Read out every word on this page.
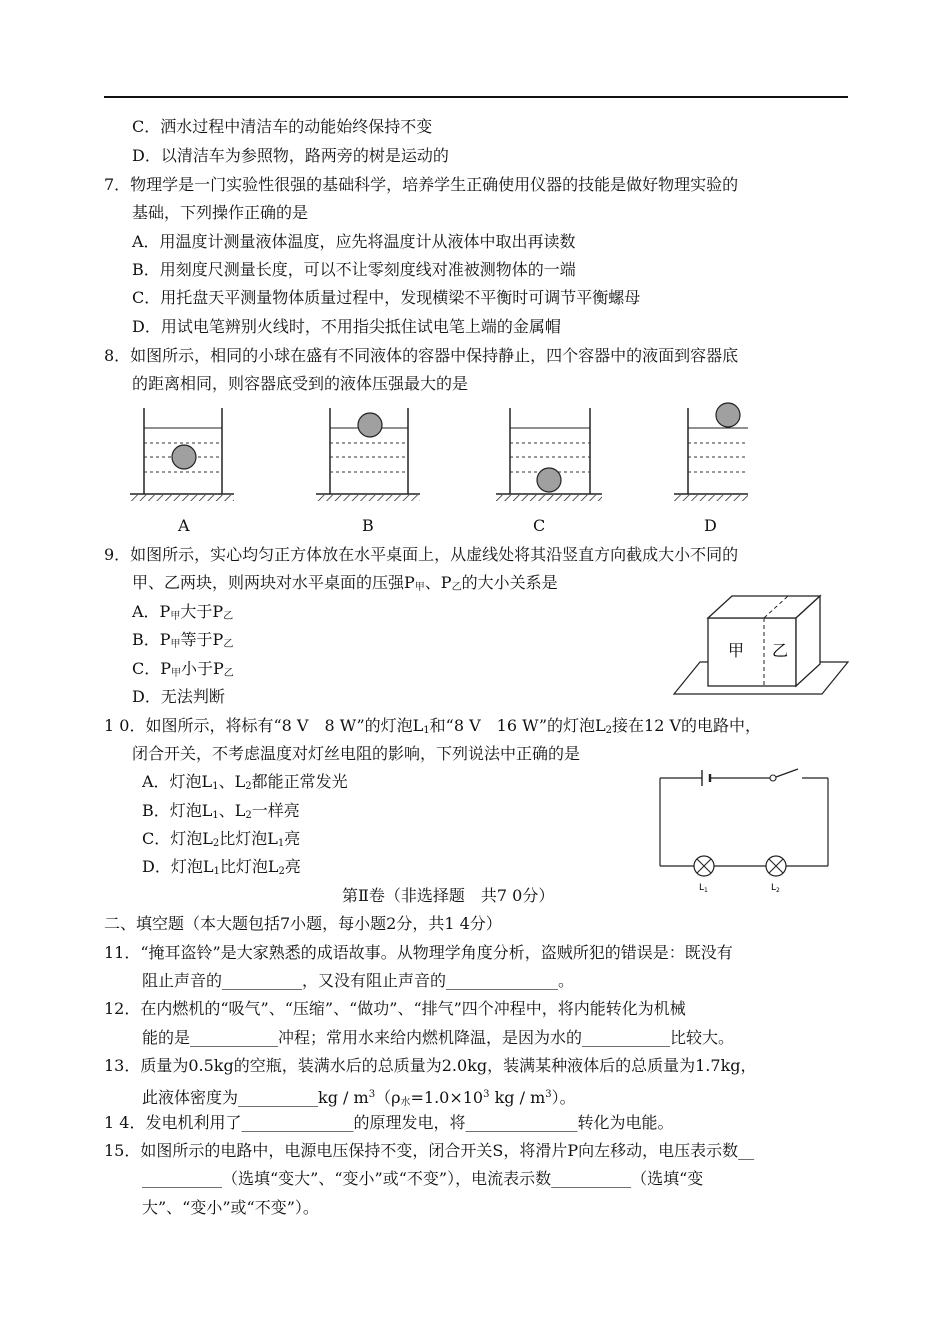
C．洒水过程中清洁车的动能始终保持不变
D．以清洁车为参照物，路两旁的树是运动的
7．物理学是一门实验性很强的基础科学，培养学生正确使用仪器的技能是做好物理实验的
基础，下列操作正确的是
A．用温度计测量液体温度，应先将温度计从液体中取出再读数
B．用刻度尺测量长度，可以不让零刻度线对准被测物体的一端
C．用托盘天平测量物体质量过程中，发现横梁不平衡时可调节平衡螺母
D．用试电笔辨别火线时，不用指尖抵住试电笔上端的金属帽
8．如图所示，相同的小球在盛有不同液体的容器中保持静止，四个容器中的液面到容器底
的距离相同，则容器底受到的液体压强最大的是
A	B	C	D
9．如图所示，实心均匀正方体放在水平桌面上，从虚线处将其沿竖直方向截成大小不同的
甲、乙两块，则两块对水平桌面的压强$P_甲$、$P_乙$的大小关系是
A．$P_甲$大于$P_乙$
B．$P_甲$等于$P_乙$
C．$P_甲$小于$P_乙$
D．无法判断
甲 乙
1 0．如图所示，将标有“8 V　8 W”的灯泡$L_1$和“8 V　16 W”的灯泡$L_2$接在12 V的电路中，
闭合开关，不考虑温度对灯丝电阻的影响，下列说法中正确的是
A．灯泡$L_1$、$L_2$都能正常发光
B．灯泡$L_1$、$L_2$一样亮
C．灯泡$L_2$比灯泡$L_1$亮
D．灯泡$L_1$比灯泡$L_2$亮
$L_1$	$L_2$
第Ⅱ卷（非选择题　共7 0分）
二、填空题（本大题包括7小题，每小题2分，共1 4分）
11．“掩耳盗铃”是大家熟悉的成语故事。从物理学角度分析，盗贼所犯的错误是：既没有
阻止声音的__________，又没有阻止声音的______________。
12．在内燃机的“吸气”、“压缩”、“做功”、“排气”四个冲程中，将内能转化为机械
能的是___________冲程；常用水来给内燃机降温，是因为水的___________比较大。
13．质量为0.5kg的空瓶，装满水后的总质量为2.0kg，装满某种液体后的总质量为1.7kg，
此液体密度为__________kg / $m^3(\rho_水=1.0\times 10^3$ kg / $m^3$）。
1 4．发电机利用了______________的原理发电，将______________转化为电能。
15．如图所示的电路中，电源电压保持不变，闭合开关S，将滑片P向左移动，电压表示数__
__________（选填“变大”、“变小”或“不变”），电流表示数__________（选填“变
大”、“变小”或“不变”）。
